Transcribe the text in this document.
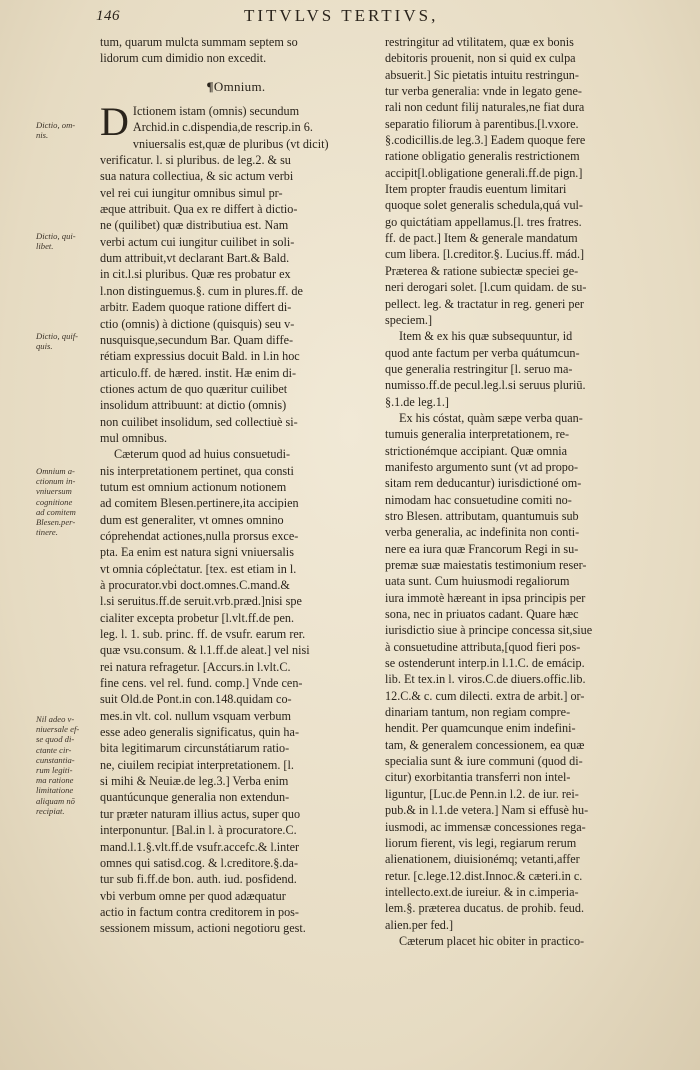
146	TITVLVS TERTIVS,
Dictio, om-
nis.
Dictio, qui-
libet.
Dictio, quif-
quis.
Omnium a-
ctionum in-
vniuersum
cognitione
ad comitem
Blesen.per-
tinere.
Nil adeo v-
niuersale ef-
se quod di-
ctante cir-
cunstantia-
rum legiti-
ma ratione
limitatione
aliquam nō
recipiat.
tum, quarum mulcta summam septem so
lidorum cum dimidio non excedit.
¶Omnium.
D Ictionem istam (omnis) secundum
Archid.in c.dispendia,de rescrip.in 6.
vniuersalis est,quæ de pluribus (vt dicit)
verificatur. l. si pluribus. de leg.2. & su
sua natura collectiua, & sic actum verbi
vel rei cui iungitur omnibus simul pr-
æque attribuit. Qua ex re differt à dictio-
ne (quilibet) quæ distributiua est. Nam
verbi actum cui iungitur cuilibet in soli-
dum attribuit,vt declarant Bart.& Bald.
in cit.l.si pluribus. Quæ res probatur ex
l.non distinguemus.§. cum in plures.ff. de
arbitr. Eadem quoque ratione differt di-
ctio (omnis) à dictione (quisquis) seu v-
nusquisque,secundum Bar. Quam diffe-
rétiam expressius docuit Bald. in l.in hoc
articulo.ff. de hæred. instit. Hæ enim di-
ctiones actum de quo quæritur cuilibet
insolidum attribuunt: at dictio (omnis)
non cuilibet insolidum, sed collectiuè si-
mul omnibus.
Cæterum quod ad huius consuetudi-
nis interpretationem pertinet, qua consti
tutum est omnium actionum notionem
ad comitem Blesen.pertinere,ita accipien
dum est generaliter, vt omnes omnino
cóprehendat actiones,nulla prorsus exce-
pta. Ea enim est natura signi vniuersalis
vt omnia cópleċtatur. [tex. est etiam in l.
à procurator.vbi doct.omnes.C.mand.&
l.si seruitus.ff.de seruit.vrb.præd.]nisi spe
cialiter excepta probetur [l.vlt.ff.de pen.
leg. l. 1. sub. princ. ff. de vsufr. earum rer.
quæ vsu.consum. & l.1.ff.de aleat.] vel nisi
rei natura refragetur. [Accurs.in l.vlt.C.
fine cens. vel rel. fund. comp.] Vnde cen-
suit Old.de Pont.in con.148.quidam co-
mes.in vlt. col. nullum vsquam verbum
esse adeo generalis significatus, quin ha-
bita legitimarum circunstátiarum ratio-
ne, ciuilem recipiat interpretationem. [l.
si mihi & Neuiæ.de leg.3.] Verba enim
quantúcunque generalia non extendun-
tur præter naturam illius actus, super quo
interponuntur. [Bal.in l. à procuratore.C.
mand.l.1.§.vlt.ff.de vsufr.accefc.& l.inter
omnes qui satisd.cog. & l.creditore.§.da-
tur sub fi.ff.de bon. auth. iud. posfidend.
vbi verbum omne per quod adæquatur
actio in factum contra creditorem in pos-
sessionem missum, actioni negotioru gest.
restringitur ad vtilitatem, quæ ex bonis
debitoris prouenit, non si quid ex culpa
absuerit.] Sic pietatis intuitu restringun-
tur verba generalia: vnde in legato gene-
rali non cedunt filij naturales,ne fiat dura
separatio filiorum à parentibus.[l.vxore.
§.codicillis.de leg.3.] Eadem quoque fere
ratione obligatio generalis restrictionem
accipit[l.obligatione generali.ff.de pign.]
Item propter fraudis euentum limitari
quoque solet generalis schedula,quá vul-
go quictátiam appellamus.[l. tres fratres.
ff. de pact.] Item & generale mandatum
cum libera. [l.creditor.§. Lucius.ff. mád.]
Præterea & ratione subiectæ speciei ge-
neri derogari solet. [l.cum quidam. de su-
pellect. leg. & tractatur in reg. generi per
speciem.]
Item & ex his quæ subsequuntur, id
quod ante factum per verba quátumcun-
que generalia restringitur [l. seruo ma-
numisso.ff.de pecul.leg.l.si seruus pluriū.
§.1.de leg.1.]
Ex his cóstat, quàm sæpe verba quan-
tumuis generalia interpretationem, re-
strictionémque accipiant. Quæ omnia
manifesto argumento sunt (vt ad propo-
sitam rem deducantur) iurisdictioné om-
nimodam hac consuetudine comiti no-
stro Blesen. attributam, quantumuis sub
verba generalia, ac indefinita non conti-
nere ea iura quæ Francorum Regi in su-
premæ suæ maiestatis testimonium reser-
uata sunt. Cum huiusmodi regaliorum
iura immotè hæreant in ipsa principis per
sona, nec in priuatos cadant. Quare hæc
iurisdictio siue à principe concessa sit,siue
à consuetudine attributa,[quod fieri pos-
se ostenderunt interp.in l.1.C. de emácip.
lib. Et tex.in l. viros.C.de diuers.offic.lib.
12.C.& c. cum dilecti. extra de arbit.] or-
dinariam tantum, non regiam compre-
hendit. Per quamcunque enim indefini-
tam, & generalem concessionem, ea quæ
specialia sunt & iure communi (quod di-
citur) exorbitantia transferri non intel-
liguntur, [Luc.de Penn.in l.2. de iur. rei-
pub.& in l.1.de vetera.] Nam si effusè hu-
iusmodi, ac immensæ concessiones rega-
liorum fierent, vis legi, regiarum rerum
alienationem, diuisionémq; vetanti,affer
retur. [c.lege.12.dist.Innoc.& cæteri.in c.
intellecto.ext.de iureiur. & in c.imperia-
lem.§. præterea ducatus. de prohib. feud.
alien.per fed.]
Cæterum placet hic obiter in practico-
